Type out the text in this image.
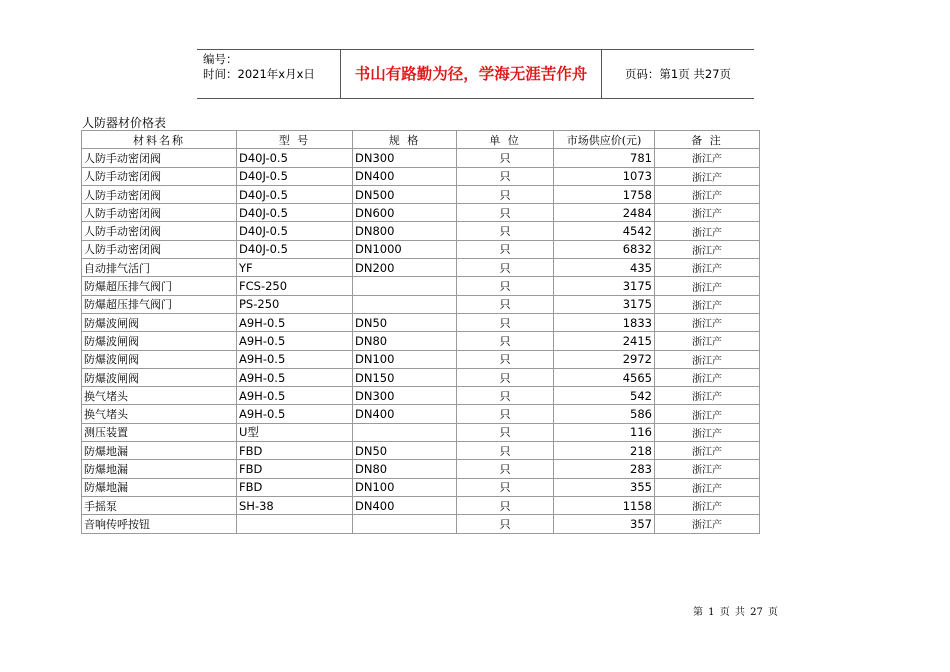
编号：
时间：2021年x月x日	书山有路勤为径，学海无涯苦作舟	页码：第1页 共27页
人防器材价格表
材料名称	型 号	规 格	单 位	市场供应价(元)	备 注
人防手动密闭阀	D40J-0.5	DN300	只	781	浙江产
人防手动密闭阀	D40J-0.5	DN400	只	1073	浙江产
人防手动密闭阀	D40J-0.5	DN500	只	1758	浙江产
人防手动密闭阀	D40J-0.5	DN600	只	2484	浙江产
人防手动密闭阀	D40J-0.5	DN800	只	4542	浙江产
人防手动密闭阀	D40J-0.5	DN1000	只	6832	浙江产
自动排气活门	YF	DN200	只	435	浙江产
防爆超压排气阀门	FCS-250		只	3175	浙江产
防爆超压排气阀门	PS-250		只	3175	浙江产
防爆波闸阀	A9H-0.5	DN50	只	1833	浙江产
防爆波闸阀	A9H-0.5	DN80	只	2415	浙江产
防爆波闸阀	A9H-0.5	DN100	只	2972	浙江产
防爆波闸阀	A9H-0.5	DN150	只	4565	浙江产
换气堵头	A9H-0.5	DN300	只	542	浙江产
换气堵头	A9H-0.5	DN400	只	586	浙江产
测压装置	U型		只	116	浙江产
防爆地漏	FBD	DN50	只	218	浙江产
防爆地漏	FBD	DN80	只	283	浙江产
防爆地漏	FBD	DN100	只	355	浙江产
手摇泵	SH-38	DN400	只	1158	浙江产
音响传呼按钮			只	357	浙江产
第 1 页 共 27 页
